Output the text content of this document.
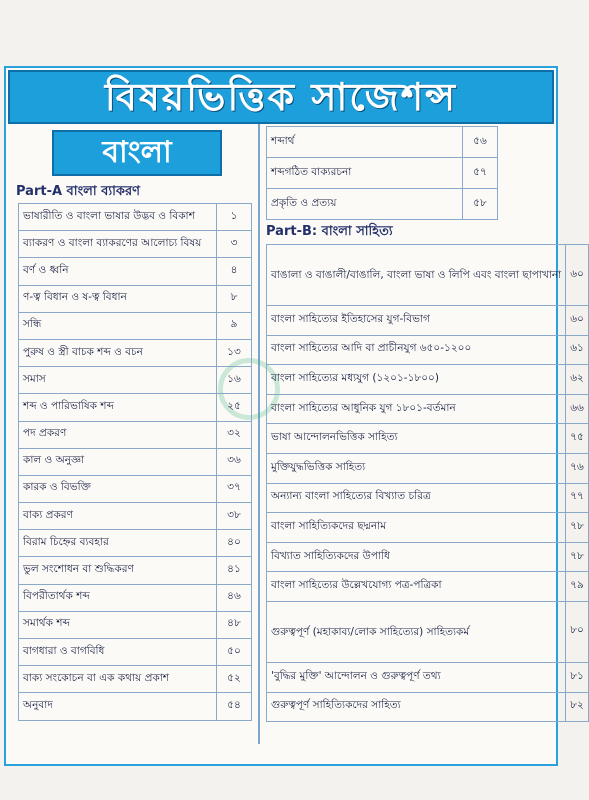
বিষয়ভিত্তিক সাজেশন্স
বাংলা
Part-A বাংলা ব্যাকরণ
ভাষারীতি ও বাংলা ভাষার উদ্ভব ও বিকাশ	১
ব্যাকরণ ও বাংলা ব্যাকরণের আলোচ্য বিষয়	৩
বর্ণ ও ধ্বনি	৪
ণ-ত্ব বিধান ও ষ-ত্ব বিধান	৮
সন্ধি	৯
পুরুষ ও স্ত্রী বাচক শব্দ ও বচন	১৩
সমাস	১৬
শব্দ ও পারিভাষিক শব্দ	২৫
পদ প্রকরণ	৩২
কাল ও অনুজ্ঞা	৩৬
কারক ও বিভক্তি	৩৭
বাক্য প্রকরণ	৩৮
বিরাম চিহ্নের ব্যবহার	৪০
ভুল সংশোধন বা শুদ্ধিকরণ	৪১
বিপরীতার্থক শব্দ	৪৬
সমার্থক শব্দ	৪৮
বাগধারা ও বাগবিধি	৫০
বাক্য সংকোচন বা এক কথায় প্রকাশ	৫২
অনুবাদ	৫৪
শব্দার্থ	৫৬
শব্দগঠিত বাক্যরচনা	৫৭
প্রকৃতি ও প্রত্যয়	৫৮
Part-B: বাংলা সাহিত্য
বাঙালা ও বাঙালী/বাঙালি, বাংলা ভাষা ও লিপি এবং বাংলা ছাপাখানা	৬০
বাংলা সাহিত্যের ইতিহাসের যুগ-বিভাগ	৬০
বাংলা সাহিত্যের আদি বা প্রাচীনযুগ ৬৫০-১২০০	৬১
বাংলা সাহিত্যের মধ্যযুগ (১২০১-১৮০০)	৬২
বাংলা সাহিত্যের আধুনিক যুগ ১৮০১-বর্তমান	৬৬
ভাষা আন্দোলনভিত্তিক সাহিত্য	৭৫
মুক্তিযুদ্ধভিত্তিক সাহিত্য	৭৬
অন্যান্য বাংলা সাহিত্যের বিখ্যাত চরিত্র	৭৭
বাংলা সাহিত্যিকদের ছদ্মনাম	৭৮
বিখ্যাত সাহিত্যিকদের উপাধি	৭৮
বাংলা সাহিত্যের উল্লেখযোগ্য পত্র-পত্রিকা	৭৯
গুরুত্বপূর্ণ (মহাকাব্য/লোক সাহিত্যের) সাহিত্যকর্ম	৮০
'বুদ্ধির মুক্তি' আন্দোলন ও গুরুত্বপূর্ণ তথ্য	৮১
গুরুত্বপূর্ণ সাহিত্যিকদের সাহিত্য	৮২
